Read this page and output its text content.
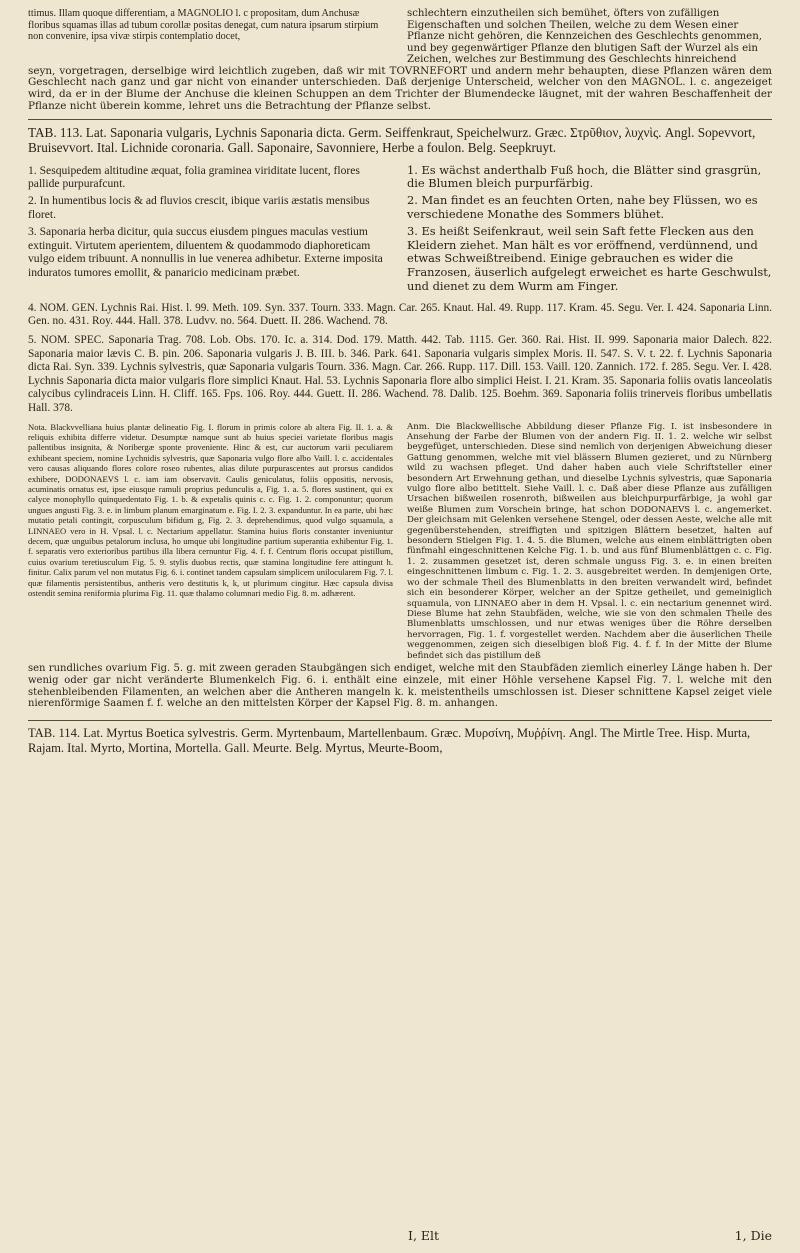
ttimus. Illam quoque differentiam, a MAGNOLIO l. c propositam, dum Anchusæ floribus squamas illas ad tubum corollæ positas denegat, cum natura ipsarum stirpium non convenire, ipsa vivæ stirpis contemplatio docet,
schlechtern einzutheilen sich bemühet, öfters von zufälligen Eigenschaften und solchen Theilen, welche zu dem Wesen einer Pflanze nicht gehören, die Kennzeichen des Geschlechts genommen, und bey gegenwärtiger Pflanze den blutigen Saft der Wurzel als ein Zeichen, welches zur Bestimmung des Geschlechts hinreichend

seyn, vorgetragen, derselbige wird leichtlich zugeben, daß wir mit TOVRNEFORT und andern mehr behaupten, diese Pflanzen wären dem Geschlecht nach ganz und gar nicht von einander unterschieden. Daß derjenige Unterscheid, welcher von den MAGNOL. l. c. angezeiget wird, da er in der Blume der Anchuse die kleinen Schuppen an dem Trichter der Blumendecke läugnet, mit der wahren Beschaffenheit der Pflanze nicht überein komme, lehret uns die Betrachtung der Pflanze selbst.

TAB. 113. Lat. Saponaria vulgaris, Lychnis Saponaria dicta. Germ. Seiffenkraut, Speichelwurz. Græc. Στρῦθιον, λυχνὶς. Angl. Sopevvort, Bruisevvort. Ital. Lichnide coronaria. Gall. Saponaire, Savonniere, Herbe a foulon. Belg. Seepkruyt.

1. Sesquipedem altitudine æquat, folia graminea viriditate lucent, flores pallide purpurafcunt.

2. In humentibus locis & ad fluvios crescit, ibique variis æstatis mensibus floret.

3. Saponaria herba dicitur, quia succus eiusdem pingues maculas vestium extinguit. Virtutem aperientem, diluentem & quodammodo diaphoreticam vulgo eidem tribuunt. A nonnullis in lue venerea adhibetur. Externe imposita induratos tumores emollit, & panaricio medicinam præbet.

1. Es wächst anderthalb Fuß hoch, die Blätter sind grasgrün, die Blumen bleich purpurfärbig.

2. Man findet es an feuchten Orten, nahe bey Flüssen, wo es verschiedene Monathe des Sommers blühet.

3. Es heißt Seifenkraut, weil sein Saft fette Flecken aus den Kleidern ziehet. Man hält es vor eröffnend, verdünnend, und etwas Schweißtreibend. Einige gebrauchen es wider die Franzosen, äuserlich aufgelegt erweichet es harte Geschwulst, und dienet zu dem Wurm am Finger.

4. NOM. GEN. Lychnis Rai. Hist. l. 99. Meth. 109. Syn. 337. Tourn. 333. Magn. Car. 265. Knaut. Hal. 49. Rupp. 117. Kram. 45. Segu. Ver. I. 424. Saponaria Linn. Gen. no. 431. Roy. 444. Hall. 378. Ludvv. no. 564. Duett. II. 286. Wachend. 78.

5. NOM. SPEC. Saponaria Trag. 708. Lob. Obs. 170. Ic. a. 314. Dod. 179. Matth. 442. Tab. 1115. Ger. 360. Rai. Hist. II. 999. Saponaria maior Dalech. 822. Saponaria maior lævis C. B. pin. 206. Saponaria vulgaris J. B. III. b. 346. Park. 641. Saponaria vulgaris simplex Moris. II. 547. S. V. t. 22. f. Lychnis Saponaria dicta Rai. Syn. 339. Lychnis sylvestris, quæ Saponaria vulgaris Tourn. 336. Magn. Car. 266. Rupp. 117. Dill. 153. Vaill. 120. Zannich. 172. f. 285. Segu. Ver. I. 428. Lychnis Saponaria dicta maior vulgaris flore simplici Knaut. Hal. 53. Lychnis Saponaria flore albo simplici Heist. I. 21. Kram. 35. Saponaria foliis ovatis lanceolatis calycibus cylindraceis Linn. H. Cliff. 165. Fps. 106. Roy. 444. Guett. II. 286. Wachend. 78. Dalib. 125. Boehm. 369. Saponaria foliis trinerveis floribus umbellatis Hall. 378.

Nota. Blackvvelliana huius plantæ delineatio Fig. I. florum in primis colore ab altera Fig. II. 1. a. & reliquis exhibita differre videtur. Desumptæ namque sunt ab huius speciei varietate floribus magis pallentibus insignita, & Noribergæ sponte proveniente. Hinc & est, cur auctorum varii peculiarem exhibeant speciem, nomine Lychnidis sylvestris, quæ Saponaria vulgo flore albo Vaill. l. c. accidentales vero causas aliquando flores colore roseo rubentes, alias dilute purpurascentes aut prorsus candidos exhibere, DODONAEVS l. c. iam iam observavit. Caulis geniculatus, foliis oppositis, nervosis, acuminatis ornatus est, ipse eiusque ramuli proprius pedunculis a, Fig. 1. a. 5. flores sustinent, qui ex calyce monophyllo quinquedentato Fig. 1. b. & expetalis quinis c. c. Fig. 1. 2. componuntur; quorum ungues angusti Fig. 3. e. in limbum planum emarginatum e. Fig. I. 2. 3. expanduntur. In ea parte, ubi hæc mutatio petali contingit, corpusculum bifidum g, Fig. 2. 3. deprehendimus, quod vulgo squamula, a LINNAEO vero in H. Vpsal. l. c. Nectarium appellatur. Stamina huius floris constanter inveniuntur decem, quæ unguibus petalorum inclusa, ho umque ubi longitudine partium superantia exhibentur Fig. 1. f. separatis vero exterioribus partibus illa libera cernuntur Fig. 4. f. f. Centrum floris occupat pistillum, cuius ovarium teretiusculum Fig. 5. 9. stylis duobus rectis, quæ stamina longitudine fere attingunt h. finitur. Calix parum vel non mutatus Fig. 6. i. continet tandem capsulam simplicem unilocularem Fig. 7. l. quæ filamentis persistentibus, antheris vero destitutis k, k, ut plurimum cingitur. Hæc capsula divisa ostendit semina reniformia plurima Fig. 11. quæ thalamo columnari medio Fig. 8. m. adhærent.
Anm. Die Blackwellische Abbildung dieser Pflanze Fig. I. ist insbesondere in Ansehung der Farbe der Blumen von der andern Fig. II. 1. 2. welche wir selbst beygefüget, unterschieden. Diese sind nemlich von derjenigen Abweichung dieser Gattung genommen, welche mit viel blässern Blumen gezieret, und zu Nürnberg wild zu wachsen pfleget. Und daher haben auch viele Schriftsteller einer besondern Art Erwehnung gethan, und dieselbe Lychnis sylvestris, quæ Saponaria vulgo flore albo betittelt. Siehe Vaill. l. c. Daß aber diese Pflanze aus zufälligen Ursachen bißweilen rosenroth, bißweilen aus bleichpurpurfärbige, ja wohl gar weiße Blumen zum Vorschein bringe, hat schon DODONAEVS l. c. angemerket. Der gleichsam mit Gelenken versehene Stengel, oder dessen Aeste, welche alle mit gegenüberstehenden, streiffigten und spitzigen Blättern besetzet, halten auf besondern Stielgen Fig. 1. 4. 5. die Blumen, welche aus einem einblättrigten oben fünfmahl eingeschnittenen Kelche Fig. 1. b. und aus fünf Blumenblättgen c. c. Fig. 1. 2. zusammen gesetzet ist, deren schmale unguss Fig. 3. e. in einen breiten eingeschnittenen limbum c. Fig. 1. 2. 3. ausgebreitet werden. In demjenigen Orte, wo der schmale Theil des Blumenblatts in den breiten verwandelt wird, befindet sich ein besonderer Körper, welcher an der Spitze getheilet, und gemeiniglich squamula, von LINNAEO aber in dem H. Vpsal. l. c. ein nectarium genennet wird. Diese Blume hat zehn Staubfäden, welche, wie sie von den schmalen Theile des Blumenblatts umschlossen, und nur etwas weniges über die Röhre derselben hervorragen, Fig. 1. f. vorgestellet werden. Nachdem aber die äuserlichen Theile weggenommen, zeigen sich dieselbigen bloß Fig. 4. f. f. In der Mitte der Blume befindet sich das pistillum deß

sen rundliches ovarium Fig. 5. g. mit zween geraden Staubgängen sich endiget, welche mit den Staubfäden ziemlich einerley Länge haben h. Der wenig oder gar nicht veränderte Blumenkelch Fig. 6. i. enthält eine einzele, mit einer Höhle versehene Kapsel Fig. 7. l. welche mit den stehenbleibenden Filamenten, an welchen aber die Antheren mangeln k. k. meistentheils umschlossen ist. Dieser schnittene Kapsel zeiget viele nierenförmige Saamen f. f. welche an den mittelsten Körper der Kapsel Fig. 8. m. anhangen.

TAB. 114. Lat. Myrtus Boetica sylvestris. Germ. Myrtenbaum, Martellenbaum. Græc. Μυρσίνη, Μυῤῥίνη. Angl. The Mirtle Tree. Hisp. Murta, Rajam. Ital. Myrto, Mortina, Mortella. Gall. Meurte. Belg. Myrtus, Meurte-Boom,

I, Elt	1, Die
